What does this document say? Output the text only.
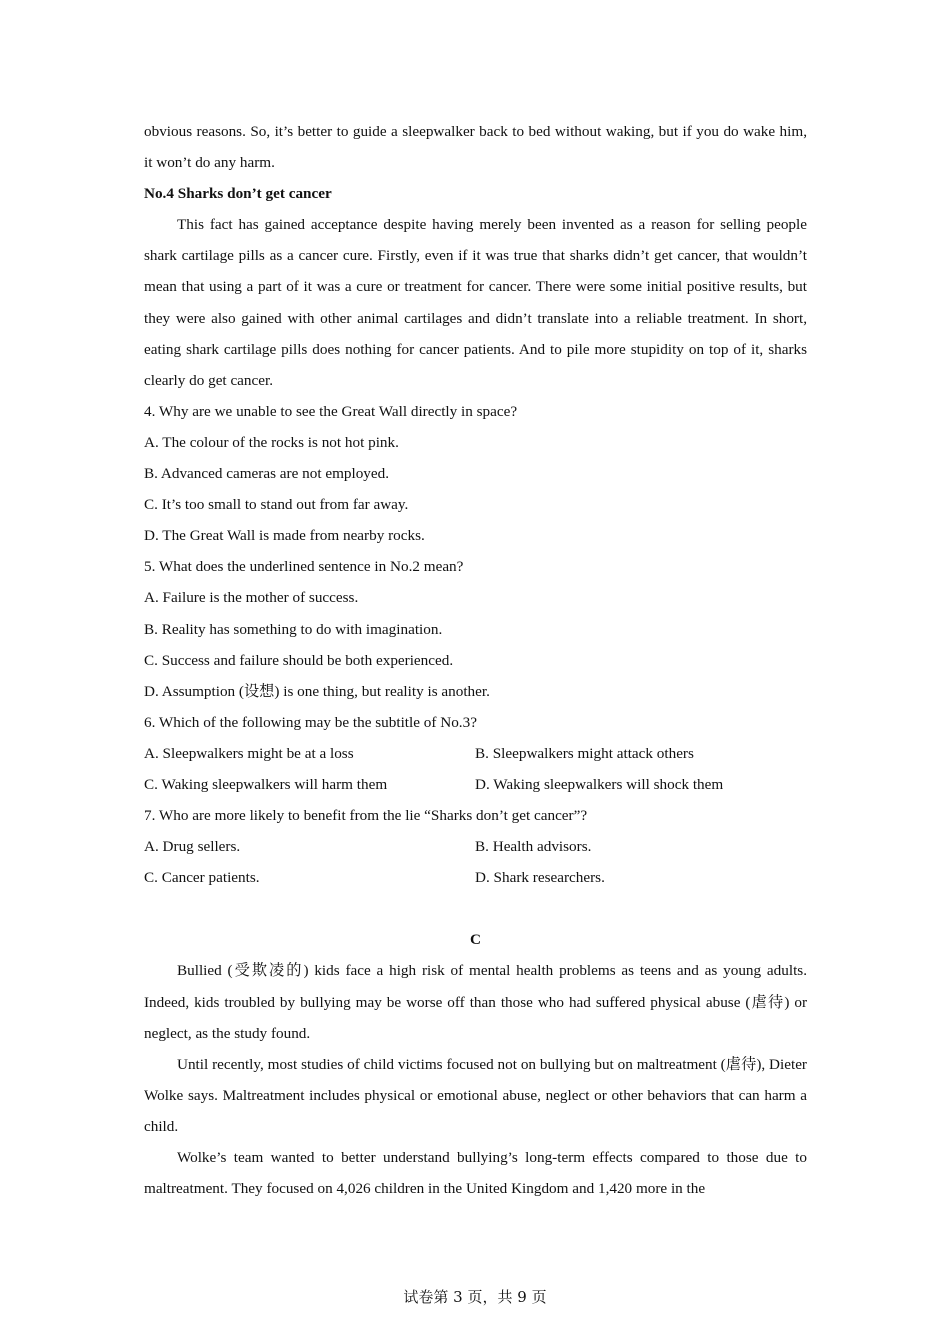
obvious reasons. So, it’s better to guide a sleepwalker back to bed without waking, but if you do wake him, it won’t do any harm.

No.4 Sharks don’t get cancer

This fact has gained acceptance despite having merely been invented as a reason for selling people shark cartilage pills as a cancer cure. Firstly, even if it was true that sharks didn’t get cancer, that wouldn’t mean that using a part of it was a cure or treatment for cancer. There were some initial positive results, but they were also gained with other animal cartilages and didn’t translate into a reliable treatment. In short, eating shark cartilage pills does nothing for cancer patients. And to pile more stupidity on top of it, sharks clearly do get cancer.

4. Why are we unable to see the Great Wall directly in space?

A. The colour of the rocks is not hot pink.

B. Advanced cameras are not employed.

C. It’s too small to stand out from far away.

D. The Great Wall is made from nearby rocks.

5. What does the underlined sentence in No.2 mean?

A. Failure is the mother of success.

B. Reality has something to do with imagination.

C. Success and failure should be both experienced.

D. Assumption (设想) is one thing, but reality is another.

6. Which of the following may be the subtitle of No.3?

A. Sleepwalkers might be at a loss	B. Sleepwalkers might attack others
C. Waking sleepwalkers will harm them	D. Waking sleepwalkers will shock them

7. Who are more likely to benefit from the lie “Sharks don’t get cancer”?

A. Drug sellers.	B. Health advisors.
C. Cancer patients.	D. Shark researchers.

C

Bullied (受欺凌的) kids face a high risk of mental health problems as teens and as young adults. Indeed, kids troubled by bullying may be worse off than those who had suffered physical abuse (虐待) or neglect, as the study found.

Until recently, most studies of child victims focused not on bullying but on maltreatment (虐待), Dieter Wolke says. Maltreatment includes physical or emotional abuse, neglect or other behaviors that can harm a child.

Wolke’s team wanted to better understand bullying’s long-term effects compared to those due to maltreatment. They focused on 4,026 children in the United Kingdom and 1,420 more in the

试卷第 3 页，共 9 页
